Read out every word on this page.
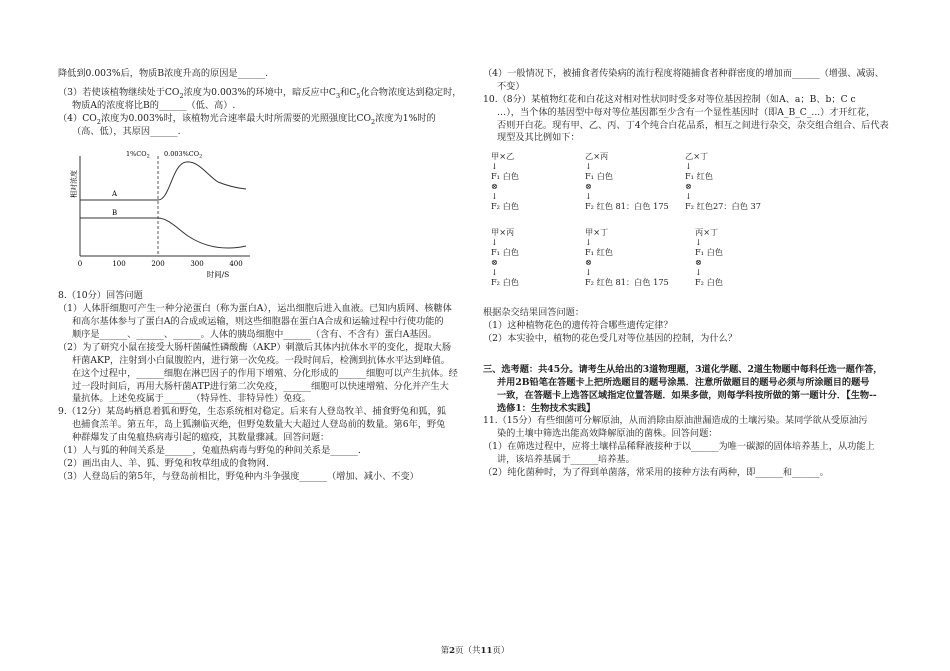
降低到0.003%后，物质B浓度升高的原因是______.

（3）若使该植物继续处于$CO_2$浓度为0.003%的环境中，暗反应中$C_3$和$C_5$化合物浓度达到稳定时，

物质A的浓度将比B的______（低、高）.

$(4)CO_2$浓度为0.003%时，该植物光合速率最大时所需要的光照强度比$CO_2$浓度为1%时的

（高、低），其原因______.

相对浓度
$1\%CO_2$ $0.003\%CO_2$
A
B
0	100	200	300	400
时间/S

8.（10分）回答问题

（1）人体肝细胞可产生一种分泌蛋白（称为蛋白A），运出细胞后进入血液。已知内质网、核糖体

和高尔基体参与了蛋白A的合成或运输，则这些细胞器在蛋白A合成和运输过程中行使功能的

顺序是______、______、______。人体的胰岛细胞中______（含有、不含有）蛋白A基因。

（2）为了研究小鼠在接受大肠杆菌碱性磷酸酶（AKP）刺激后其体内抗体水平的变化，提取大肠

杆菌AKP，注射到小白鼠腹腔内，进行第一次免疫。一段时间后，检测到抗体水平达到峰值。

在这个过程中，______细胞在淋巴因子的作用下增殖、分化形成的______细胞可以产生抗体。经

过一段时间后，再用大肠杆菌ATP进行第二次免疫，______细胞可以快速增殖、分化并产生大

量抗体。上述免疫属于______（特异性、非特异性）免疫。

9.（12分）某岛屿栖息着狐和野兔，生态系统相对稳定。后来有人登岛牧羊、捕食野兔和狐，狐

也捕食羔羊。第五年，岛上狐濒临灭绝，但野兔数量大大超过人登岛前的数量。第6年，野兔

种群爆发了由兔瘟热病毒引起的瘟疫，其数量骤减。回答问题：

（1）人与狐的种间关系是______，兔瘟热病毒与野兔的种间关系是______.

（2）画出由人、羊、狐、野兔和牧草组成的食物网.

（3）人登岛后的第5年，与登岛前相比，野兔种内斗争强度______（增加、减小、不变）

（4）一般情况下，被捕食者传染病的流行程度将随捕食者种群密度的增加而______（增强、减弱、

不变）

10.（8分）某植物红花和白花这对相对性状同时受多对等位基因控制（如A、a；B、b；C c

…），当个体的基因型中每对等位基因都至少含有一个显性基因时（即A_B_C_...）才开红花，

否则开白花。现有甲、乙、丙、丁4个纯合白花品系，相互之间进行杂交，杂交组合组合、后代表

现型及其比例如下：

甲×乙
↓
F₁ 白色
⊗
↓
F₂ 白色
乙×丙
↓
F₁ 白色
⊗
↓
F₂ 红色 81：白色 175
乙×丁
↓
F₁ 红色
⊗
↓
F₂ 红色27：白色 37
甲×丙
↓
F₁ 白色
⊗
↓
F₂ 白色
甲×丁
↓
F₁ 红色
⊗
↓
F₂ 红色 81：白色 175
丙×丁
↓
F₁ 白色
⊗
↓
F₂ 白色

根据杂交结果回答问题：

（1）这种植物花色的遗传符合哪些遗传定律？

（2）本实验中，植物的花色受几对等位基因的控制，为什么？

三、选考题：共45分。请考生从给出的3道物理题，3道化学题、2道生物题中每科任选一题作答，

并用2B铅笔在答题卡上把所选题目的题号涂黑．注意所做题目的题号必须与所涂题目的题号

一致，在答题卡上选答区域指定位置答题．如果多做，则每学科按所做的第一题计分．【生物--

选修1：生物技术实践】

11.（15分）有些细菌可分解原油，从而消除由原油泄漏造成的土壤污染。某同学欲从受原油污

染的土壤中筛选出能高效降解原油的菌株。回答问题：

（1）在筛选过程中，应将土壤样品稀释液接种于以______为唯一碳源的固体培养基上，从功能上

讲，该培养基属于______培养基。

（2）纯化菌种时，为了得到单菌落，常采用的接种方法有两种，即______和______。

第2页（共11页）
